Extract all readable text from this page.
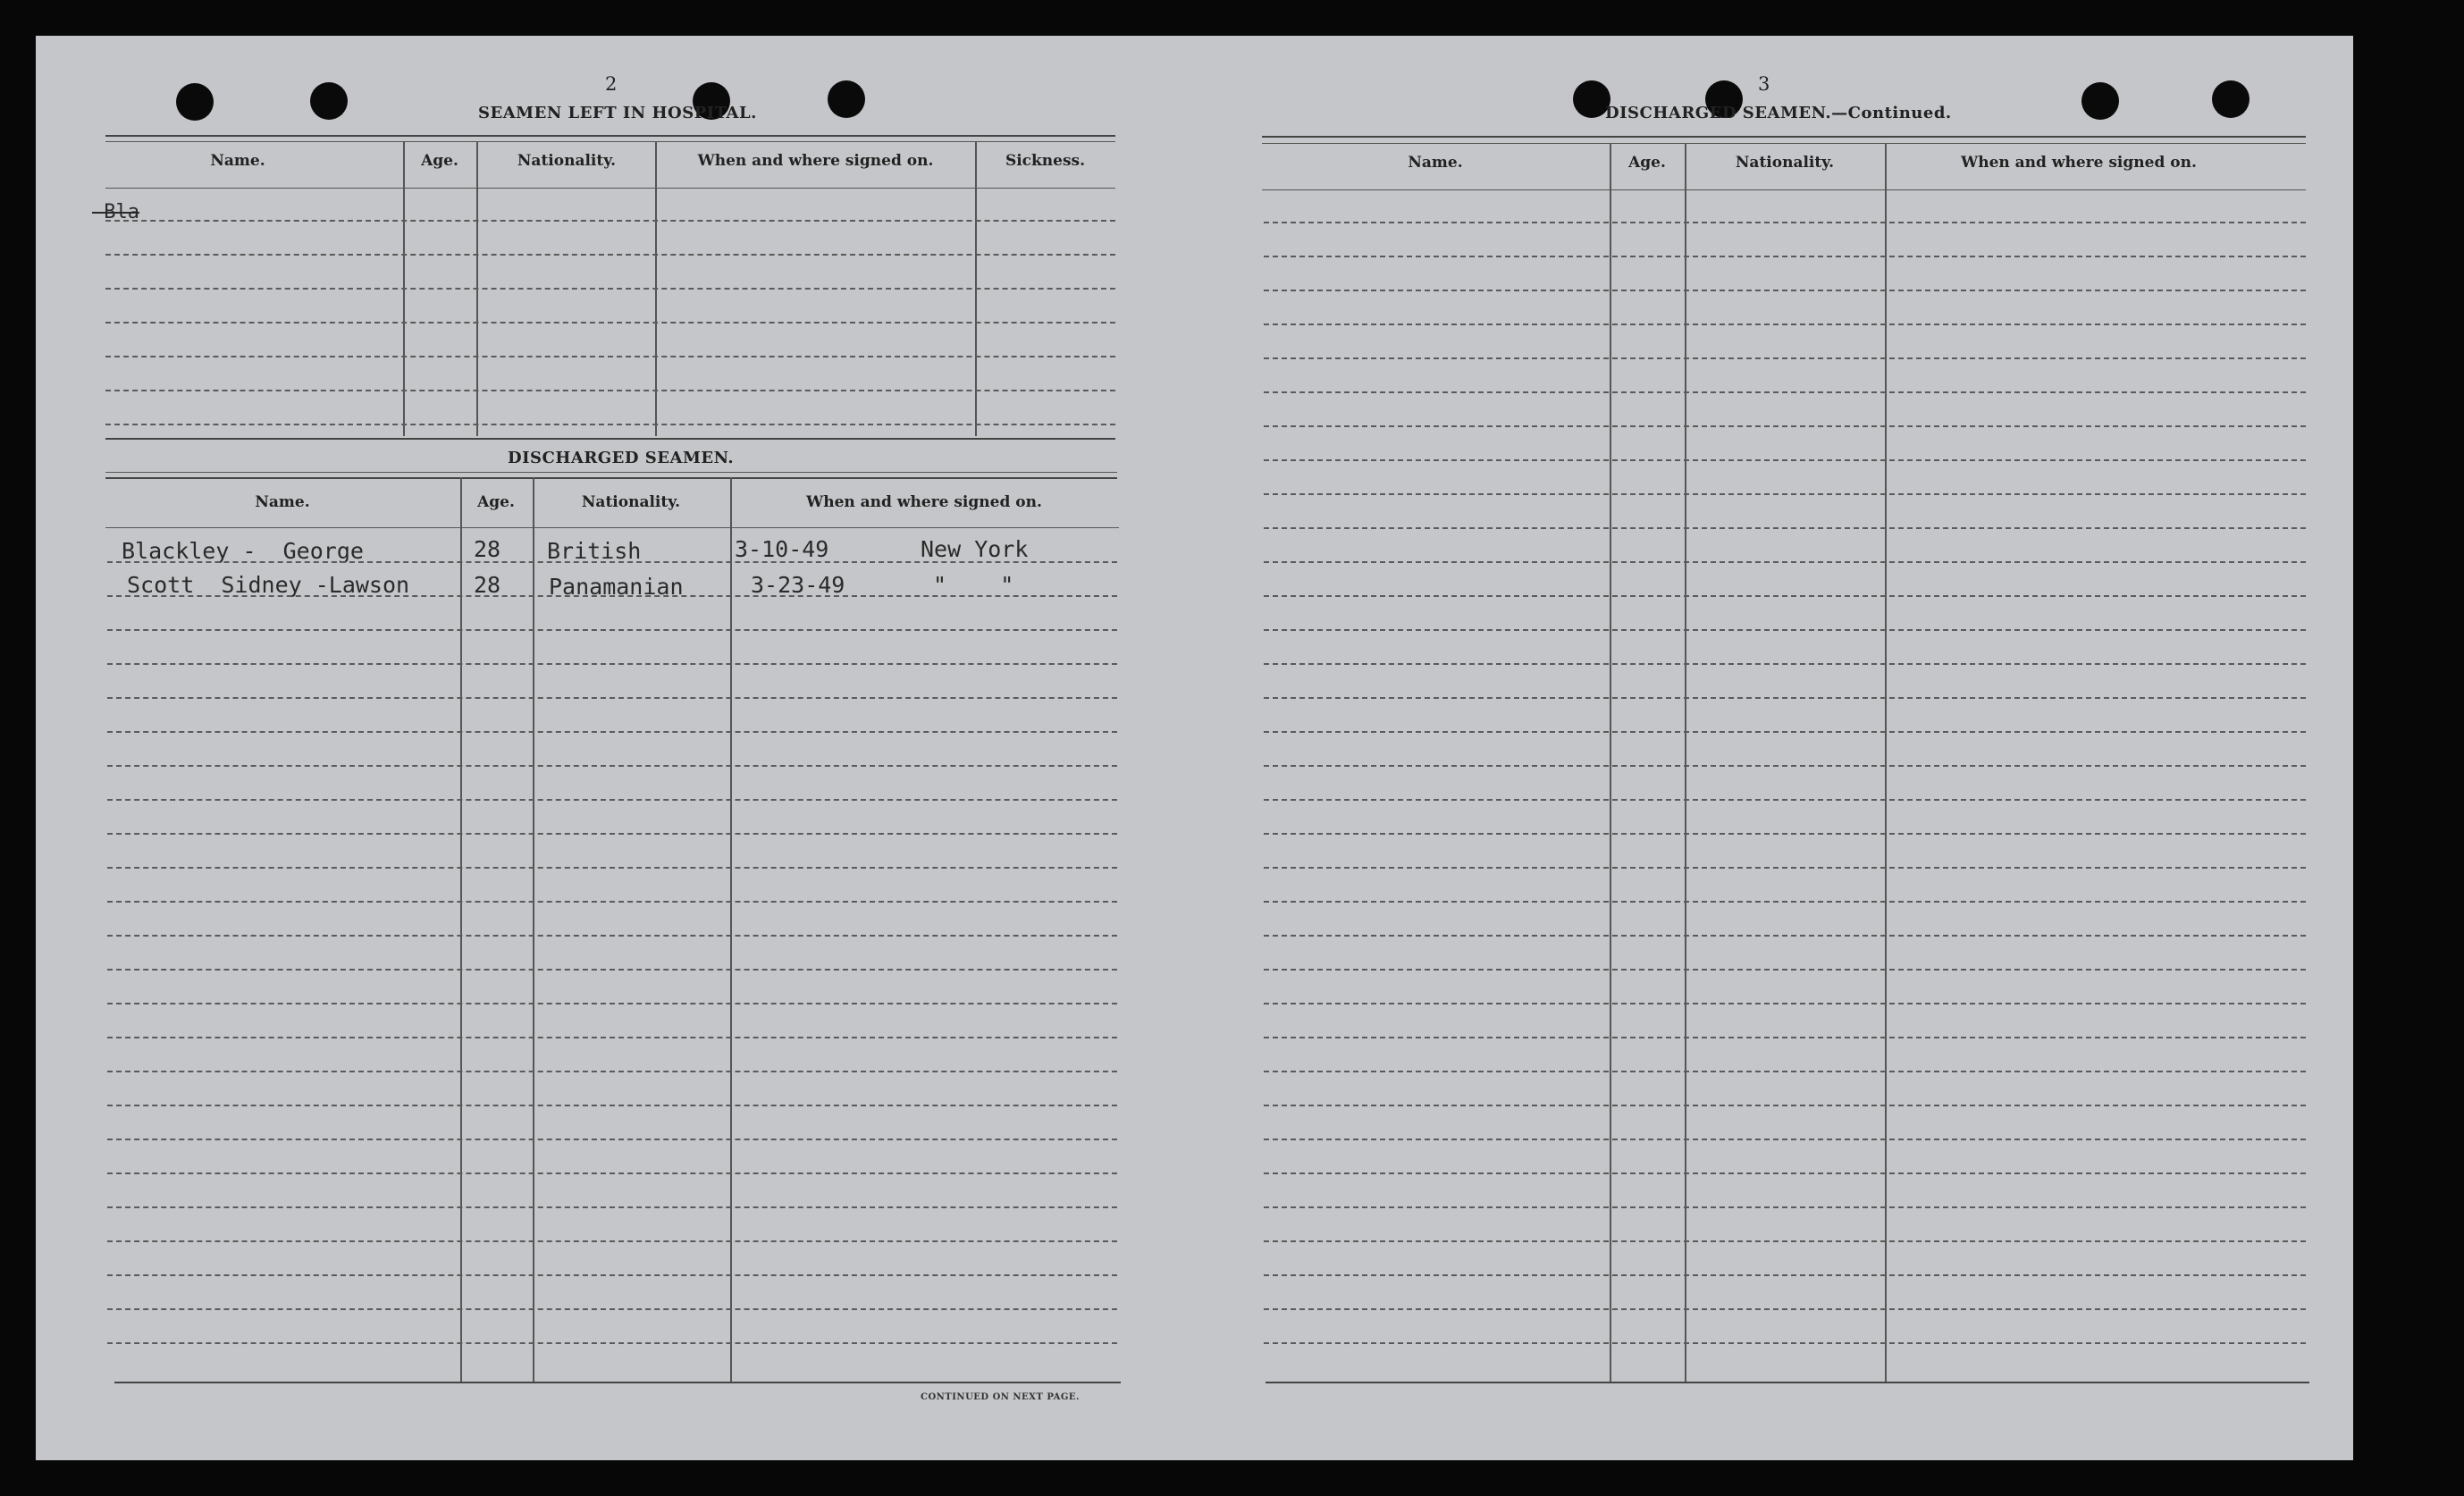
2
SEAMEN LEFT IN HOSPITAL.
Name.	Age.	Nationality.	When and where signed on.	Sickness.
-Bla
DISCHARGED SEAMEN.
Name.	Age.	Nationality.	When and where signed on.
Blackley -  George	28 British	3-10-49	New York
Scott  Sidney -Lawson	28 Panamanian	3-23-49	"    "
CONTINUED ON NEXT PAGE.
3
DISCHARGED SEAMEN.—Continued.
Name.	Age.	Nationality.	When and where signed on.
